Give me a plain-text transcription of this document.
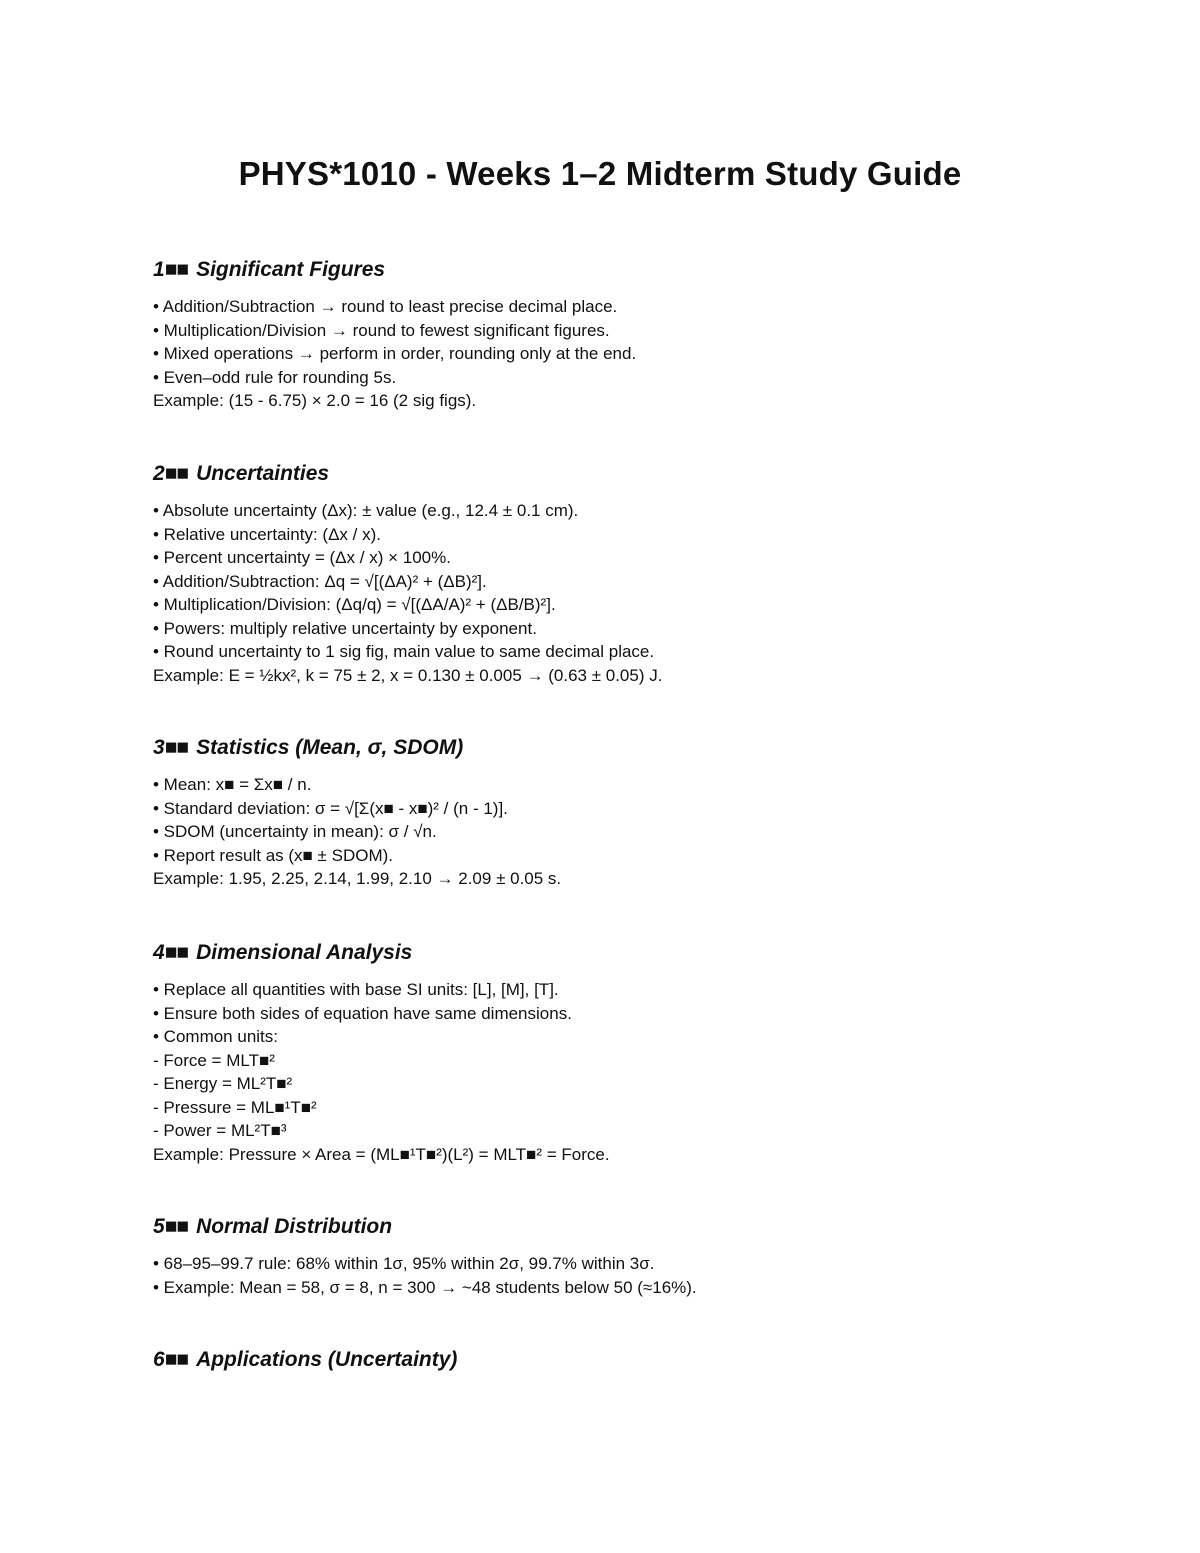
PHYS*1010 - Weeks 1–2 Midterm Study Guide
1■■ Significant Figures

• Addition/Subtraction → round to least precise decimal place.

• Multiplication/Division → round to fewest significant figures.

• Mixed operations → perform in order, rounding only at the end.

• Even–odd rule for rounding 5s.

Example: (15 - 6.75) × 2.0 = 16 (2 sig figs).

2■■ Uncertainties

• Absolute uncertainty (Δx): ± value (e.g., 12.4 ± 0.1 cm).

• Relative uncertainty: (Δx / x).

• Percent uncertainty = (Δx / x) × 100%.

• Addition/Subtraction: Δq = √[(ΔA)² + (ΔB)²].

• Multiplication/Division: (Δq/q) = √[(ΔA/A)² + (ΔB/B)²].

• Powers: multiply relative uncertainty by exponent.

• Round uncertainty to 1 sig fig, main value to same decimal place.

Example: E = ½kx², k = 75 ± 2, x = 0.130 ± 0.005 → (0.63 ± 0.05) J.

3■■ Statistics (Mean, σ, SDOM)

• Mean: x■ = Σx■ / n.

• Standard deviation: σ = √[Σ(x■ - x■)² / (n - 1)].

• SDOM (uncertainty in mean): σ / √n.

• Report result as (x■ ± SDOM).

Example: 1.95, 2.25, 2.14, 1.99, 2.10 → 2.09 ± 0.05 s.

4■■ Dimensional Analysis

• Replace all quantities with base SI units: [L], [M], [T].

• Ensure both sides of equation have same dimensions.

• Common units:

- Force = MLT■²

- Energy = ML²T■²

- Pressure = ML■¹T■²

- Power = ML²T■³

Example: Pressure × Area = (ML■¹T■²)(L²) = MLT■² = Force.

5■■ Normal Distribution

• 68–95–99.7 rule: 68% within 1σ, 95% within 2σ, 99.7% within 3σ.

• Example: Mean = 58, σ = 8, n = 300 → ~48 students below 50 (≈16%).

6■■ Applications (Uncertainty)
